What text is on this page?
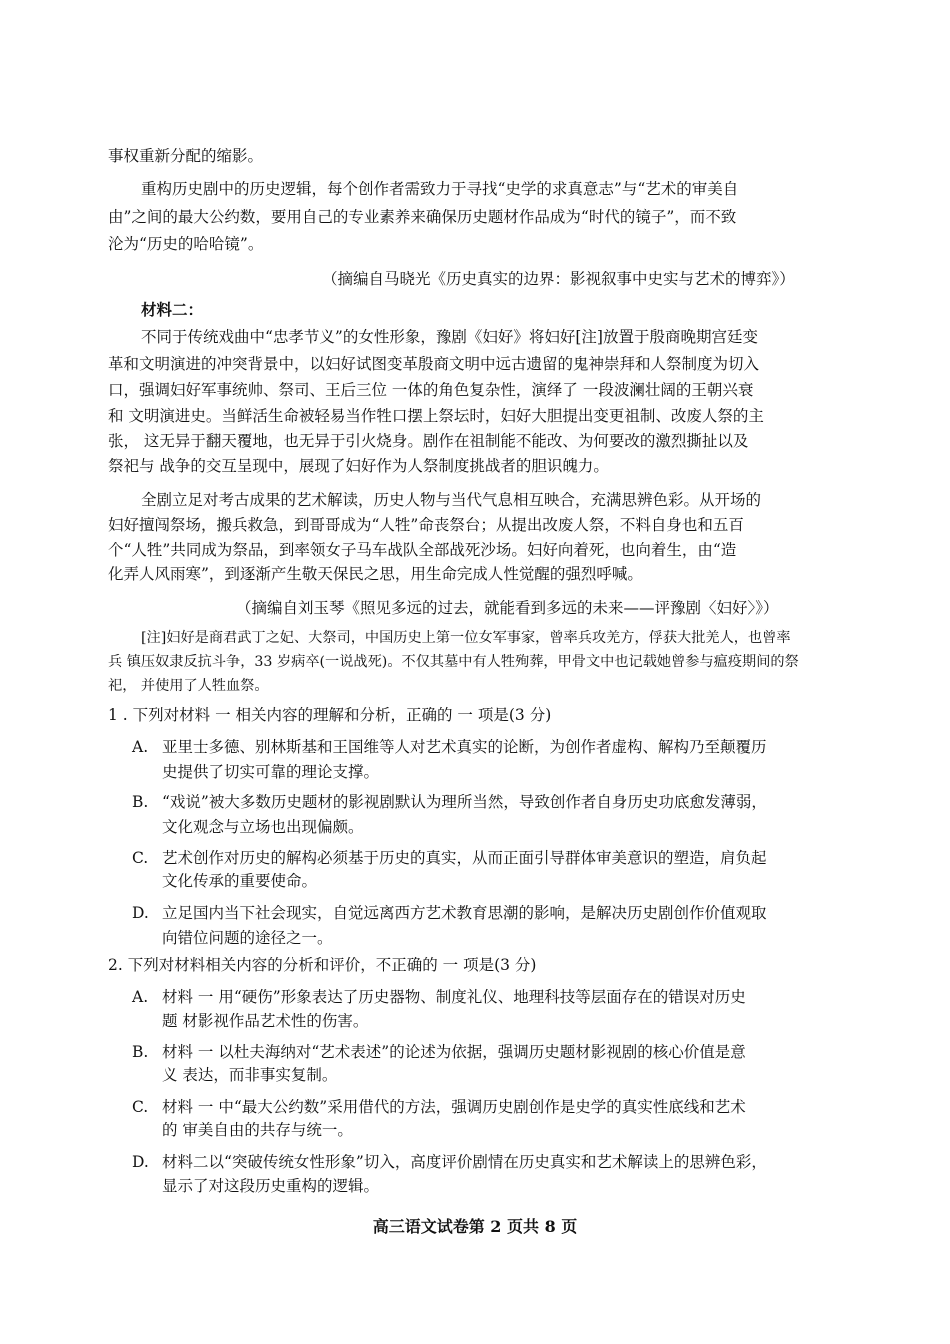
事权重新分配的缩影。
重构历史剧中的历史逻辑，每个创作者需致力于寻找“史学的求真意志”与“艺术的审美自
由”之间的最大公约数，要用自己的专业素养来确保历史题材作品成为“时代的镜子”，而不致
沦为“历史的哈哈镜”。
（摘编自马晓光《历史真实的边界：影视叙事中史实与艺术的博弈》）
材料二：
不同于传统戏曲中“忠孝节义”的女性形象，豫剧《妇好》将妇好[注]放置于殷商晚期宫廷变
革和文明演进的冲突背景中，以妇好试图变革殷商文明中远古遗留的鬼神崇拜和人祭制度为切入
口，强调妇好军事统帅、祭司、王后三位 一体的角色复杂性，演绎了 一段波澜壮阔的王朝兴衰
和 文明演进史。当鲜活生命被轻易当作牲口摆上祭坛时，妇好大胆提出变更祖制、改废人祭的主
张， 这无异于翻天覆地，也无异于引火烧身。剧作在祖制能不能改、为何要改的激烈撕扯以及
祭祀与 战争的交互呈现中，展现了妇好作为人祭制度挑战者的胆识魄力。
全剧立足对考古成果的艺术解读，历史人物与当代气息相互映合，充满思辨色彩。从开场的
妇好擅闯祭场，搬兵救急，到哥哥成为“人牲”命丧祭台；从提出改废人祭，不料自身也和五百
个“人牲”共同成为祭品，到率领女子马车战队全部战死沙场。妇好向着死，也向着生，由“造
化弄人风雨寒”，到逐渐产生敬天保民之思，用生命完成人性觉醒的强烈呼喊。
（摘编自刘玉琴《照见多远的过去，就能看到多远的未来——评豫剧〈妇好〉》）
[注]妇好是商君武丁之妃、大祭司，中国历史上第一位女军事家，曾率兵攻羌方，俘获大批羌人，也曾率
兵 镇压奴隶反抗斗争，33 岁病卒(一说战死)。不仅其墓中有人牲殉葬，甲骨文中也记载她曾参与瘟疫期间的祭
祀， 并使用了人牲血祭。
1 . 下列对材料 一 相关内容的理解和分析，正确的 一 项是(3 分)
A. 亚里士多德、别林斯基和王国维等人对艺术真实的论断，为创作者虚构、解构乃至颠覆历
史提供了切实可靠的理论支撑。
B. “戏说”被大多数历史题材的影视剧默认为理所当然，导致创作者自身历史功底愈发薄弱，
文化观念与立场也出现偏颇。
C. 艺术创作对历史的解构必须基于历史的真实，从而正面引导群体审美意识的塑造，肩负起
文化传承的重要使命。
D. 立足国内当下社会现实，自觉远离西方艺术教育思潮的影响，是解决历史剧创作价值观取
向错位问题的途径之一。
2. 下列对材料相关内容的分析和评价，不正确的 一 项是(3 分)
A. 材料 一 用“硬伤”形象表达了历史器物、制度礼仪、地理科技等层面存在的错误对历史
题 材影视作品艺术性的伤害。
B. 材料 一 以杜夫海纳对“艺术表述”的论述为依据，强调历史题材影视剧的核心价值是意
义 表达，而非事实复制。
C. 材料 一 中“最大公约数”采用借代的方法，强调历史剧创作是史学的真实性底线和艺术
的 审美自由的共存与统一。
D. 材料二以“突破传统女性形象”切入，高度评价剧情在历史真实和艺术解读上的思辨色彩，
显示了对这段历史重构的逻辑。
高三语文试卷第 2 页共 8 页
